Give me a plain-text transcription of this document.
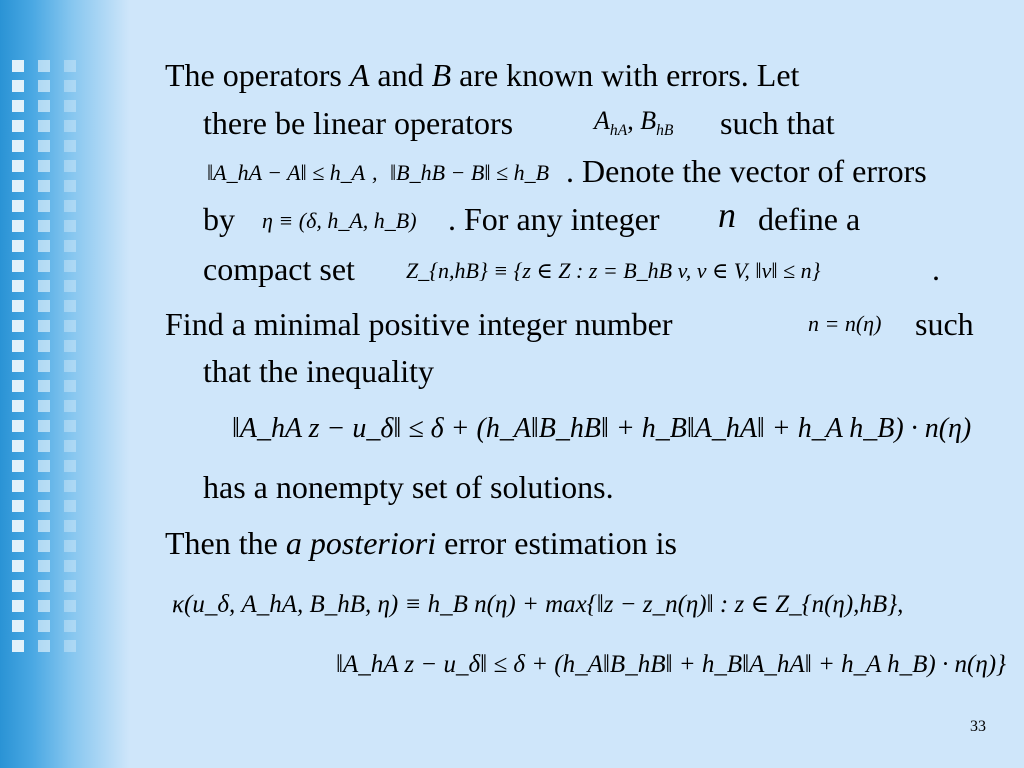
The operators A and B are known with errors. Let
there be linear operators	$A_{hA}$, $B_{hB}$ such that
‖A_hA − A‖ ≤ h_A , ‖B_hB − B‖ ≤ h_B . Denote the vector of errors
by η ≡ (δ, h_A, h_B) . For any integer n define a
compact set Z_{n,hB} ≡ {z ∈ Z : z = B_hB v, v ∈ V, ‖v‖ ≤ n}	.
Find a minimal positive integer number	n = n(η) such
that the inequality
‖A_hA z − u_δ‖ ≤ δ + (h_A‖B_hB‖ + h_B‖A_hA‖ + h_A h_B) · n(η)
has a nonempty set of solutions.
Then the a posteriori error estimation is
κ(u_δ, A_hA, B_hB, η) ≡ h_B n(η) + max{‖z − z_n(η)‖ : z ∈ Z_{n(η),hB},
‖A_hA z − u_δ‖ ≤ δ + (h_A‖B_hB‖ + h_B‖A_hA‖ + h_A h_B) · n(η)}
33
